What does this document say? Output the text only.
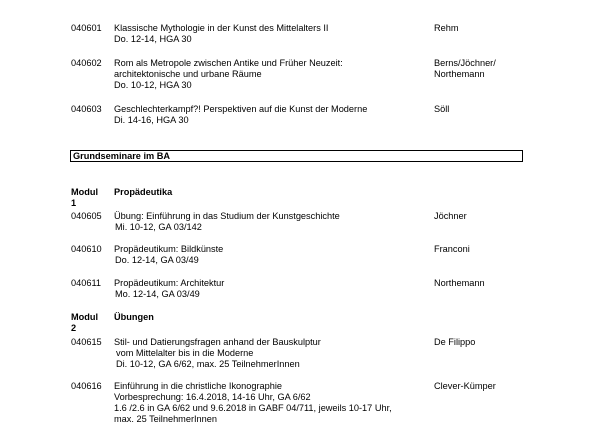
040601 Klassische Mythologie in der Kunst des Mittelalters II
Do. 12-14, HGA 30
Rehm
040602 Rom als Metropole zwischen Antike und Früher Neuzeit:
architektonische und urbane Räume
Do. 10-12, HGA 30
Berns/Jöchner/
Northemann
040603 Geschlechterkampf?! Perspektiven auf die Kunst der Moderne
Di. 14-16, HGA 30
Söll
Grundseminare im BA
Modul 1
Propädeutika
040605 Übung: Einführung in das Studium der Kunstgeschichte
Mi. 10-12, GA 03/142
Jöchner
040610 Propädeutikum: Bildkünste
Do. 12-14, GA 03/49
Franconi
040611 Propädeutikum: Architektur
Mo. 12-14, GA 03/49
Northemann
Modul 2
Übungen
040615 Stil- und Datierungsfragen anhand der Bauskulptur
vom Mittelalter bis in die Moderne
Di. 10-12, GA 6/62, max. 25 TeilnehmerInnen
De Filippo
040616 Einführung in die christliche Ikonographie
Vorbesprechung: 16.4.2018, 14-16 Uhr, GA 6/62
1.6 /2.6 in GA 6/62 und 9.6.2018 in GABF 04/711, jeweils 10-17 Uhr,
max. 25 TeilnehmerInnen
Clever-Kümper
